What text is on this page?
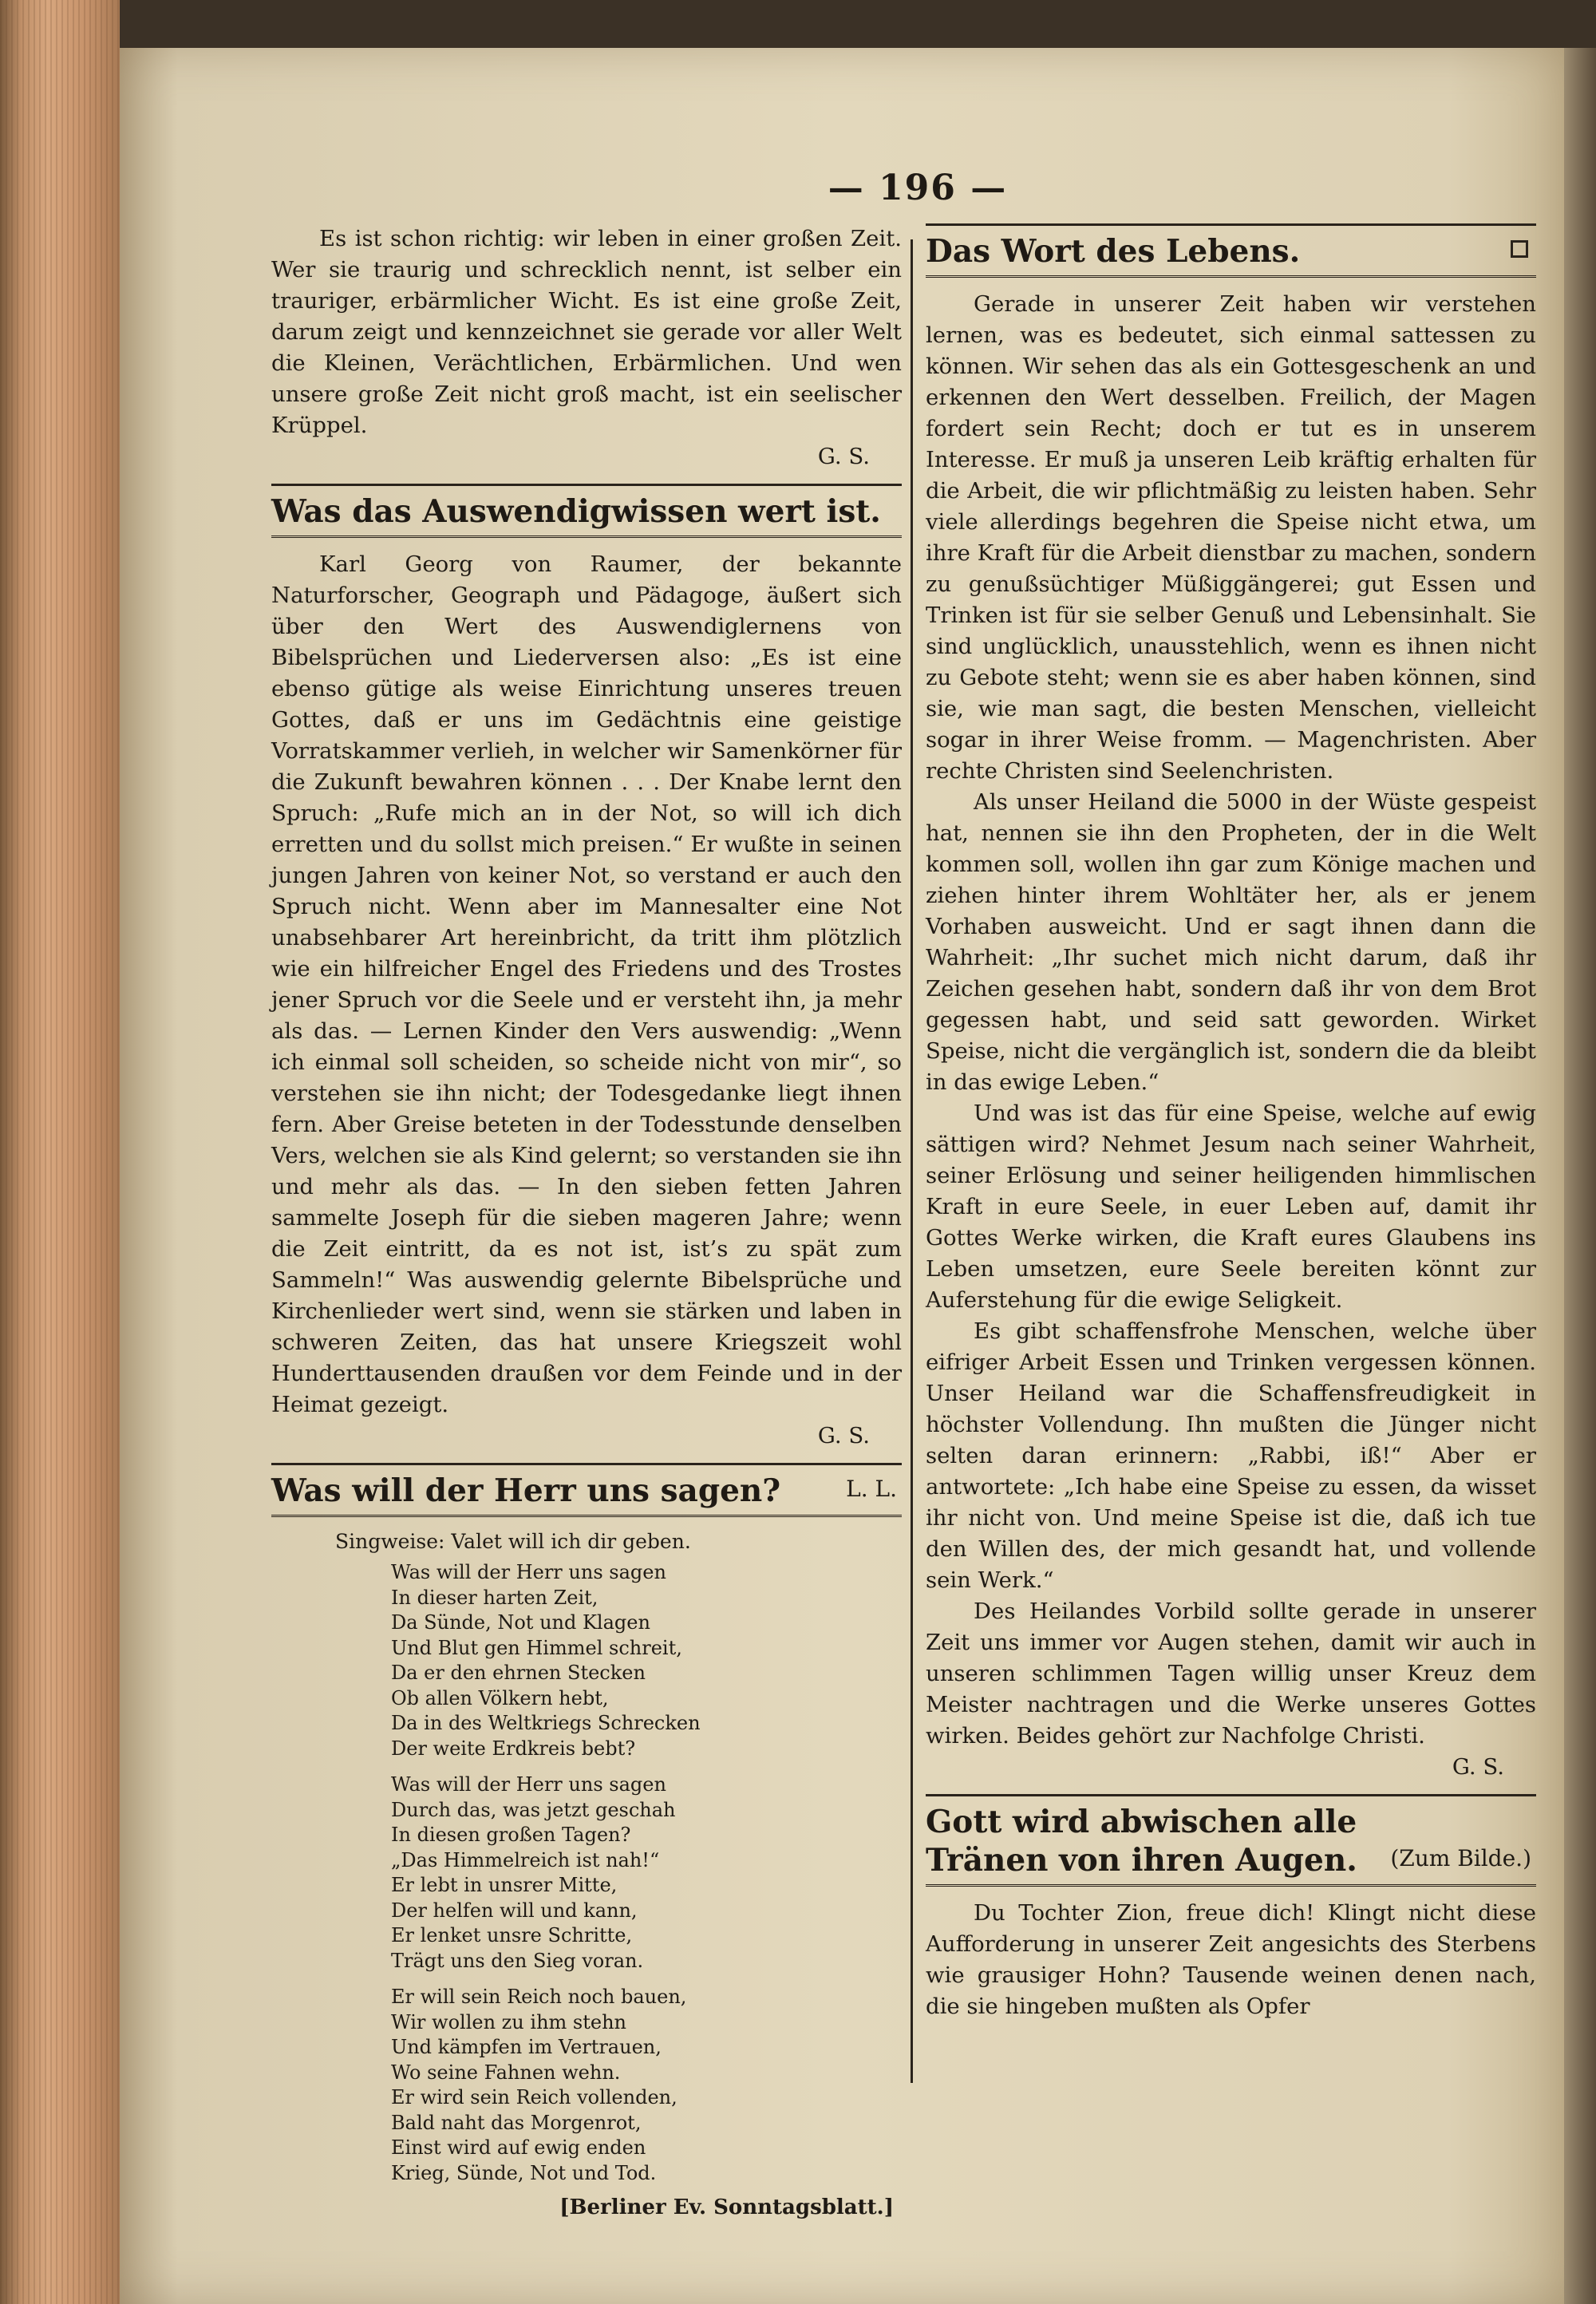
— 196 —

Es ist schon richtig: wir leben in einer großen Zeit. Wer sie traurig und schrecklich nennt, ist selber ein trauriger, erbärmlicher Wicht. Es ist eine große Zeit, darum zeigt und kennzeichnet sie gerade vor aller Welt die Kleinen, Verächtlichen, Erbärmlichen. Und wen unsere große Zeit nicht groß macht, ist ein seelischer Krüppel.

G. S.

Was das Auswendigwissen wert ist.

Karl Georg von Raumer, der bekannte Naturforscher, Geograph und Pädagoge, äußert sich über den Wert des Auswendiglernens von Bibelsprüchen und Liederversen also: „Es ist eine ebenso gütige als weise Einrichtung unseres treuen Gottes, daß er uns im Gedächtnis eine geistige Vorratskammer verlieh, in welcher wir Samenkörner für die Zukunft bewahren können . . . Der Knabe lernt den Spruch: „Rufe mich an in der Not, so will ich dich erretten und du sollst mich preisen.“ Er wußte in seinen jungen Jahren von keiner Not, so verstand er auch den Spruch nicht. Wenn aber im Mannesalter eine Not unabsehbarer Art hereinbricht, da tritt ihm plötzlich wie ein hilfreicher Engel des Friedens und des Trostes jener Spruch vor die Seele und er versteht ihn, ja mehr als das. — Lernen Kinder den Vers auswendig: „Wenn ich einmal soll scheiden, so scheide nicht von mir“, so verstehen sie ihn nicht; der Todesgedanke liegt ihnen fern. Aber Greise beteten in der Todesstunde denselben Vers, welchen sie als Kind gelernt; so verstanden sie ihn und mehr als das. — In den sieben fetten Jahren sammelte Joseph für die sieben mageren Jahre; wenn die Zeit eintritt, da es not ist, ist’s zu spät zum Sammeln!“ Was auswendig gelernte Bibelsprüche und Kirchenlieder wert sind, wenn sie stärken und laben in schweren Zeiten, das hat unsere Kriegszeit wohl Hunderttausenden draußen vor dem Feinde und in der Heimat gezeigt.

G. S.

Was will der Herr uns sagen?	L. L.
Singweise: Valet will ich dir geben.
Was will der Herr uns sagen
In dieser harten Zeit,
Da Sünde, Not und Klagen
Und Blut gen Himmel schreit,
Da er den ehrnen Stecken
Ob allen Völkern hebt,
Da in des Weltkriegs Schrecken
Der weite Erdkreis bebt?
Was will der Herr uns sagen
Durch das, was jetzt geschah
In diesen großen Tagen?
„Das Himmelreich ist nah!“
Er lebt in unsrer Mitte,
Der helfen will und kann,
Er lenket unsre Schritte,
Trägt uns den Sieg voran.
Er will sein Reich noch bauen,
Wir wollen zu ihm stehn
Und kämpfen im Vertrauen,
Wo seine Fahnen wehn.
Er wird sein Reich vollenden,
Bald naht das Morgenrot,
Einst wird auf ewig enden
Krieg, Sünde, Not und Tod.
[Berliner Ev. Sonntagsblatt.]
Das Wort des Lebens.

Gerade in unserer Zeit haben wir verstehen lernen, was es bedeutet, sich einmal sattessen zu können. Wir sehen das als ein Gottesgeschenk an und erkennen den Wert desselben. Freilich, der Magen fordert sein Recht; doch er tut es in unserem Interesse. Er muß ja unseren Leib kräftig erhalten für die Arbeit, die wir pflichtmäßig zu leisten haben. Sehr viele allerdings begehren die Speise nicht etwa, um ihre Kraft für die Arbeit dienstbar zu machen, sondern zu genußsüchtiger Müßiggängerei; gut Essen und Trinken ist für sie selber Genuß und Lebensinhalt. Sie sind unglücklich, unausstehlich, wenn es ihnen nicht zu Gebote steht; wenn sie es aber haben können, sind sie, wie man sagt, die besten Menschen, vielleicht sogar in ihrer Weise fromm. — Magenchristen. Aber rechte Christen sind Seelenchristen.

Als unser Heiland die 5000 in der Wüste gespeist hat, nennen sie ihn den Propheten, der in die Welt kommen soll, wollen ihn gar zum Könige machen und ziehen hinter ihrem Wohltäter her, als er jenem Vorhaben ausweicht. Und er sagt ihnen dann die Wahrheit: „Ihr suchet mich nicht darum, daß ihr Zeichen gesehen habt, sondern daß ihr von dem Brot gegessen habt, und seid satt geworden. Wirket Speise, nicht die vergänglich ist, sondern die da bleibt in das ewige Leben.“

Und was ist das für eine Speise, welche auf ewig sättigen wird? Nehmet Jesum nach seiner Wahrheit, seiner Erlösung und seiner heiligenden himmlischen Kraft in eure Seele, in euer Leben auf, damit ihr Gottes Werke wirken, die Kraft eures Glaubens ins Leben umsetzen, eure Seele bereiten könnt zur Auferstehung für die ewige Seligkeit.

Es gibt schaffensfrohe Menschen, welche über eifriger Arbeit Essen und Trinken vergessen können. Unser Heiland war die Schaffensfreudigkeit in höchster Vollendung. Ihn mußten die Jünger nicht selten daran erinnern: „Rabbi, iß!“ Aber er antwortete: „Ich habe eine Speise zu essen, da wisset ihr nicht von. Und meine Speise ist die, daß ich tue den Willen des, der mich gesandt hat, und vollende sein Werk.“

Des Heilandes Vorbild sollte gerade in unserer Zeit uns immer vor Augen stehen, damit wir auch in unseren schlimmen Tagen willig unser Kreuz dem Meister nachtragen und die Werke unseres Gottes wirken. Beides gehört zur Nachfolge Christi.

G. S.

Gott wird abwischen alle Tränen von ihren Augen. (Zum Bilde.)

Du Tochter Zion, freue dich! Klingt nicht diese Aufforderung in unserer Zeit angesichts des Sterbens wie grausiger Hohn? Tausende weinen denen nach, die sie hingeben mußten als Opfer
